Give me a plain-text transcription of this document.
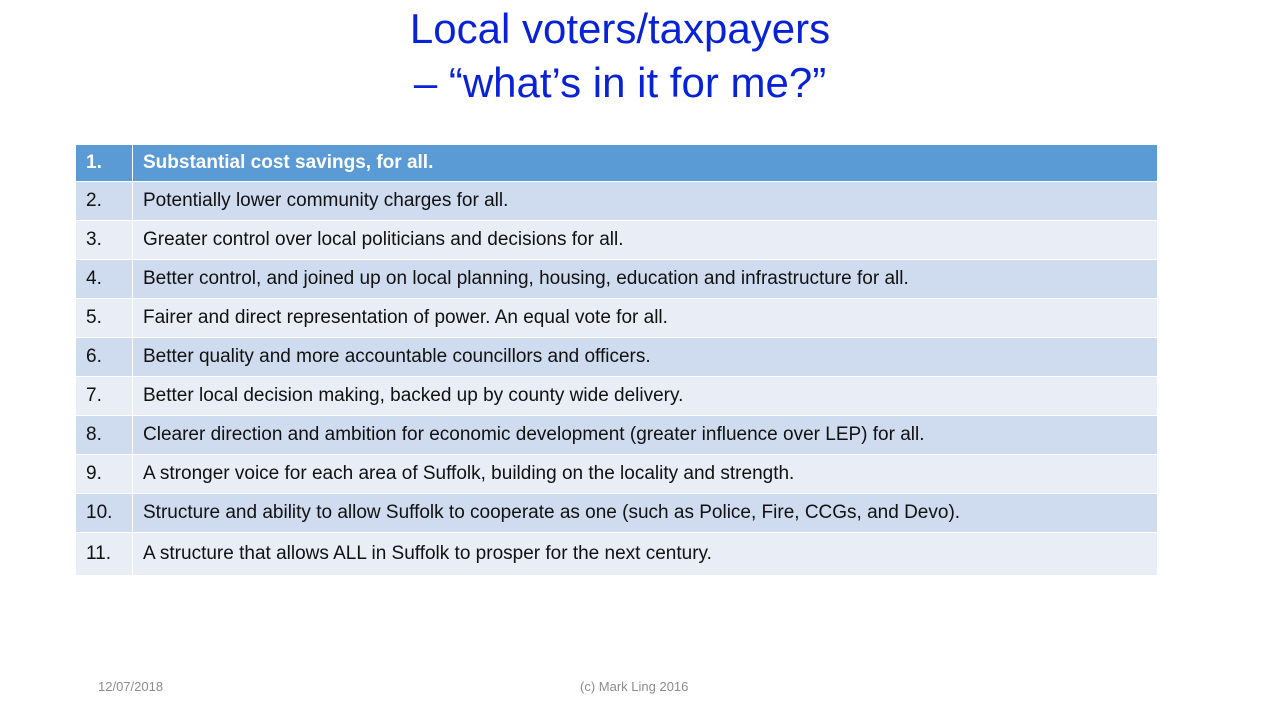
Local voters/taxpayers
– “what’s in it for me?”
1.	Substantial cost savings, for all.
2.	Potentially lower community charges for all.
3.	Greater control over local politicians and decisions for all.
4.	Better control, and joined up on local planning, housing, education and infrastructure for all.
5.	Fairer and direct representation of power. An equal vote for all.
6.	Better quality and more accountable councillors and officers.
7.	Better local decision making, backed up by county wide delivery.
8.	Clearer direction and ambition for economic development (greater influence over LEP) for all.
9.	A stronger voice for each area of Suffolk, building on the locality and strength.
10.	Structure and ability to allow Suffolk to cooperate as one (such as Police, Fire, CCGs, and Devo).
11.	A structure that allows ALL in Suffolk to prosper for the next century.
12/07/2018	(c) Mark Ling 2016
